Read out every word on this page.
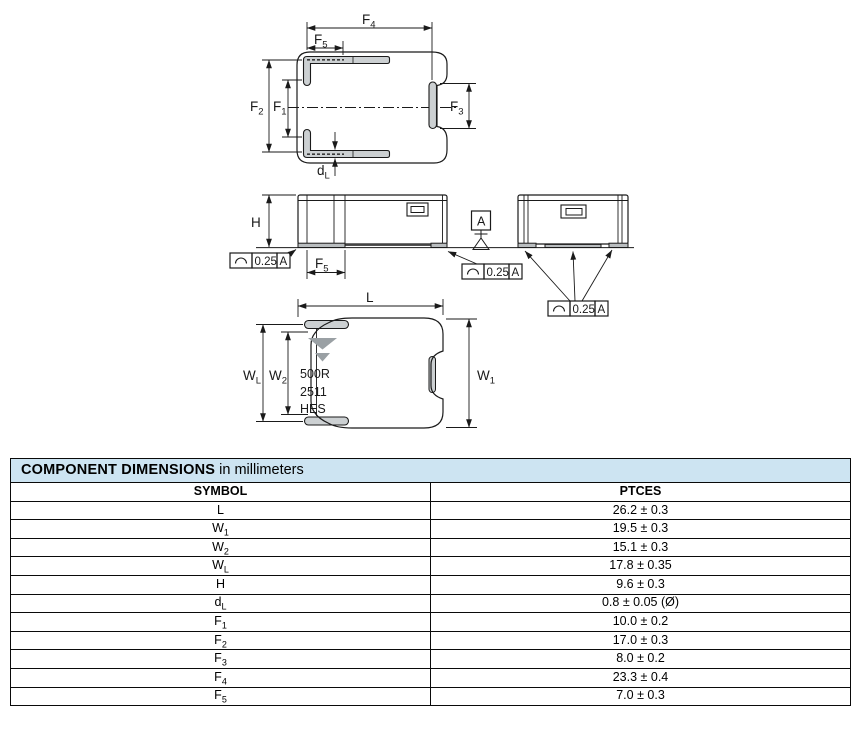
$F_4$
$F_5$
$F_2$ $F_1$	$F_3$
$d_L$
H
$F_5$
A
0.25 A
0.25 A
0.25 A
500R
2511
HES
L
$W_L$ $W_2$	$W_1$
COMPONENT DIMENSIONS in millimeters	
SYMBOL	PTCES
L	26.2 ± 0.3
$W_1$	19.5 ± 0.3
$W_2$	15.1 ± 0.3
$W_L$	17.8 ± 0.35
H	9.6 ± 0.3
$d_L$	0.8 ± 0.05 (Ø)
$F_1$	10.0 ± 0.2
$F_2$	17.0 ± 0.3
$F_3$	8.0 ± 0.2
$F_4$	23.3 ± 0.4
$F_5$	7.0 ± 0.3
